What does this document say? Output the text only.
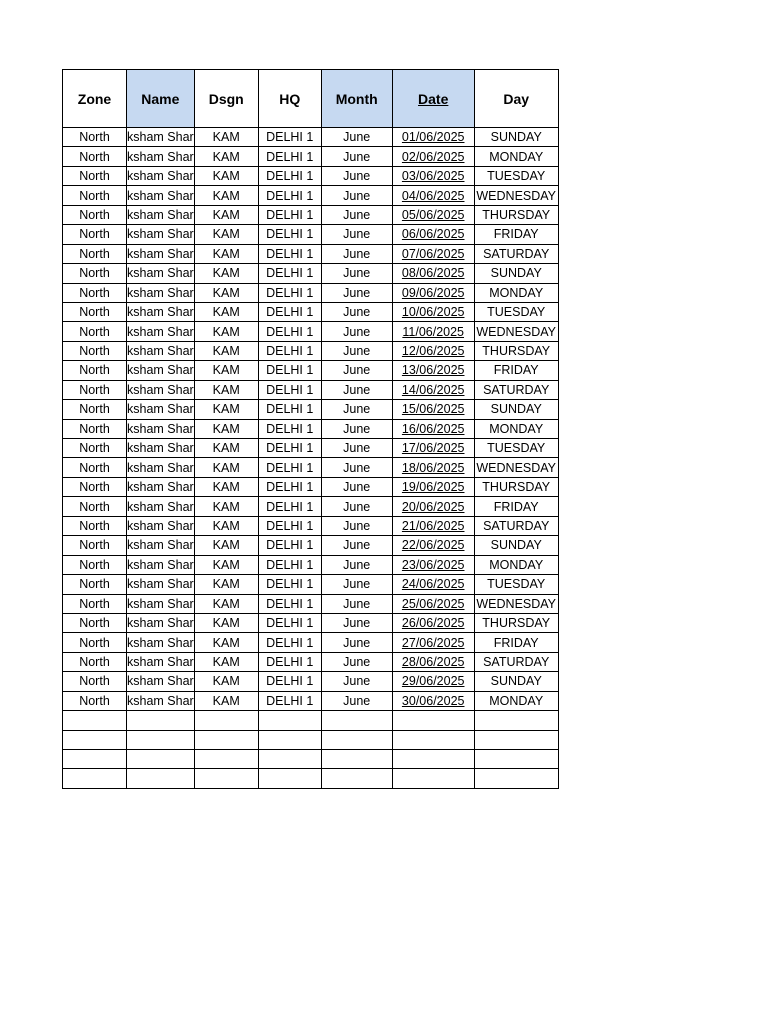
Zone	Name	Dsgn	HQ	Month	Date	Day
North	ksham Shar	KAM	DELHI 1	June	01/06/2025	SUNDAY
North	ksham Shar	KAM	DELHI 1	June	02/06/2025	MONDAY
North	ksham Shar	KAM	DELHI 1	June	03/06/2025	TUESDAY
North	ksham Shar	KAM	DELHI 1	June	04/06/2025	WEDNESDAY
North	ksham Shar	KAM	DELHI 1	June	05/06/2025	THURSDAY
North	ksham Shar	KAM	DELHI 1	June	06/06/2025	FRIDAY
North	ksham Shar	KAM	DELHI 1	June	07/06/2025	SATURDAY
North	ksham Shar	KAM	DELHI 1	June	08/06/2025	SUNDAY
North	ksham Shar	KAM	DELHI 1	June	09/06/2025	MONDAY
North	ksham Shar	KAM	DELHI 1	June	10/06/2025	TUESDAY
North	ksham Shar	KAM	DELHI 1	June	11/06/2025	WEDNESDAY
North	ksham Shar	KAM	DELHI 1	June	12/06/2025	THURSDAY
North	ksham Shar	KAM	DELHI 1	June	13/06/2025	FRIDAY
North	ksham Shar	KAM	DELHI 1	June	14/06/2025	SATURDAY
North	ksham Shar	KAM	DELHI 1	June	15/06/2025	SUNDAY
North	ksham Shar	KAM	DELHI 1	June	16/06/2025	MONDAY
North	ksham Shar	KAM	DELHI 1	June	17/06/2025	TUESDAY
North	ksham Shar	KAM	DELHI 1	June	18/06/2025	WEDNESDAY
North	ksham Shar	KAM	DELHI 1	June	19/06/2025	THURSDAY
North	ksham Shar	KAM	DELHI 1	June	20/06/2025	FRIDAY
North	ksham Shar	KAM	DELHI 1	June	21/06/2025	SATURDAY
North	ksham Shar	KAM	DELHI 1	June	22/06/2025	SUNDAY
North	ksham Shar	KAM	DELHI 1	June	23/06/2025	MONDAY
North	ksham Shar	KAM	DELHI 1	June	24/06/2025	TUESDAY
North	ksham Shar	KAM	DELHI 1	June	25/06/2025	WEDNESDAY
North	ksham Shar	KAM	DELHI 1	June	26/06/2025	THURSDAY
North	ksham Shar	KAM	DELHI 1	June	27/06/2025	FRIDAY
North	ksham Shar	KAM	DELHI 1	June	28/06/2025	SATURDAY
North	ksham Shar	KAM	DELHI 1	June	29/06/2025	SUNDAY
North	ksham Shar	KAM	DELHI 1	June	30/06/2025	MONDAY
